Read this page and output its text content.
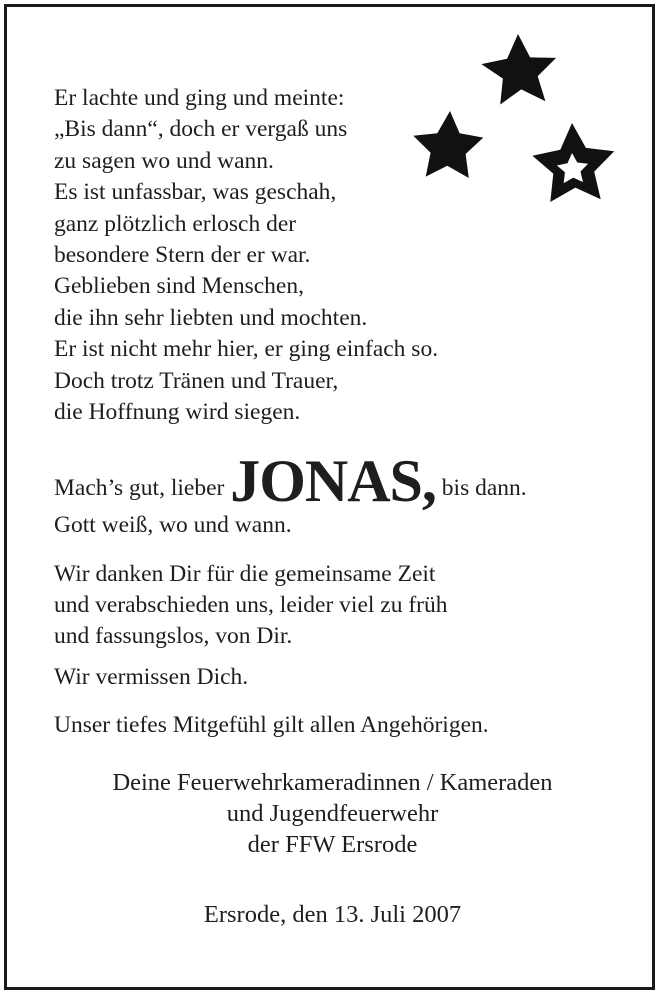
Er lachte und ging und meinte:
„Bis dann“, doch er vergaß uns
zu sagen wo und wann.
Es ist unfassbar, was geschah,
ganz plötzlich erlosch der
besondere Stern der er war.
Geblieben sind Menschen,
die ihn sehr liebten und mochten.
Er ist nicht mehr hier, er ging einfach so.
Doch trotz Tränen und Trauer,
die Hoffnung wird siegen.
Mach’s gut, lieber JONAS, bis dann.
Gott weiß, wo und wann.
Wir danken Dir für die gemeinsame Zeit
und verabschieden uns, leider viel zu früh
und fassungslos, von Dir.
Wir vermissen Dich.
Unser tiefes Mitgefühl gilt allen Angehörigen.
Deine Feuerwehrkameradinnen / Kameraden
und Jugendfeuerwehr
der FFW Ersrode
Ersrode, den 13. Juli 2007
